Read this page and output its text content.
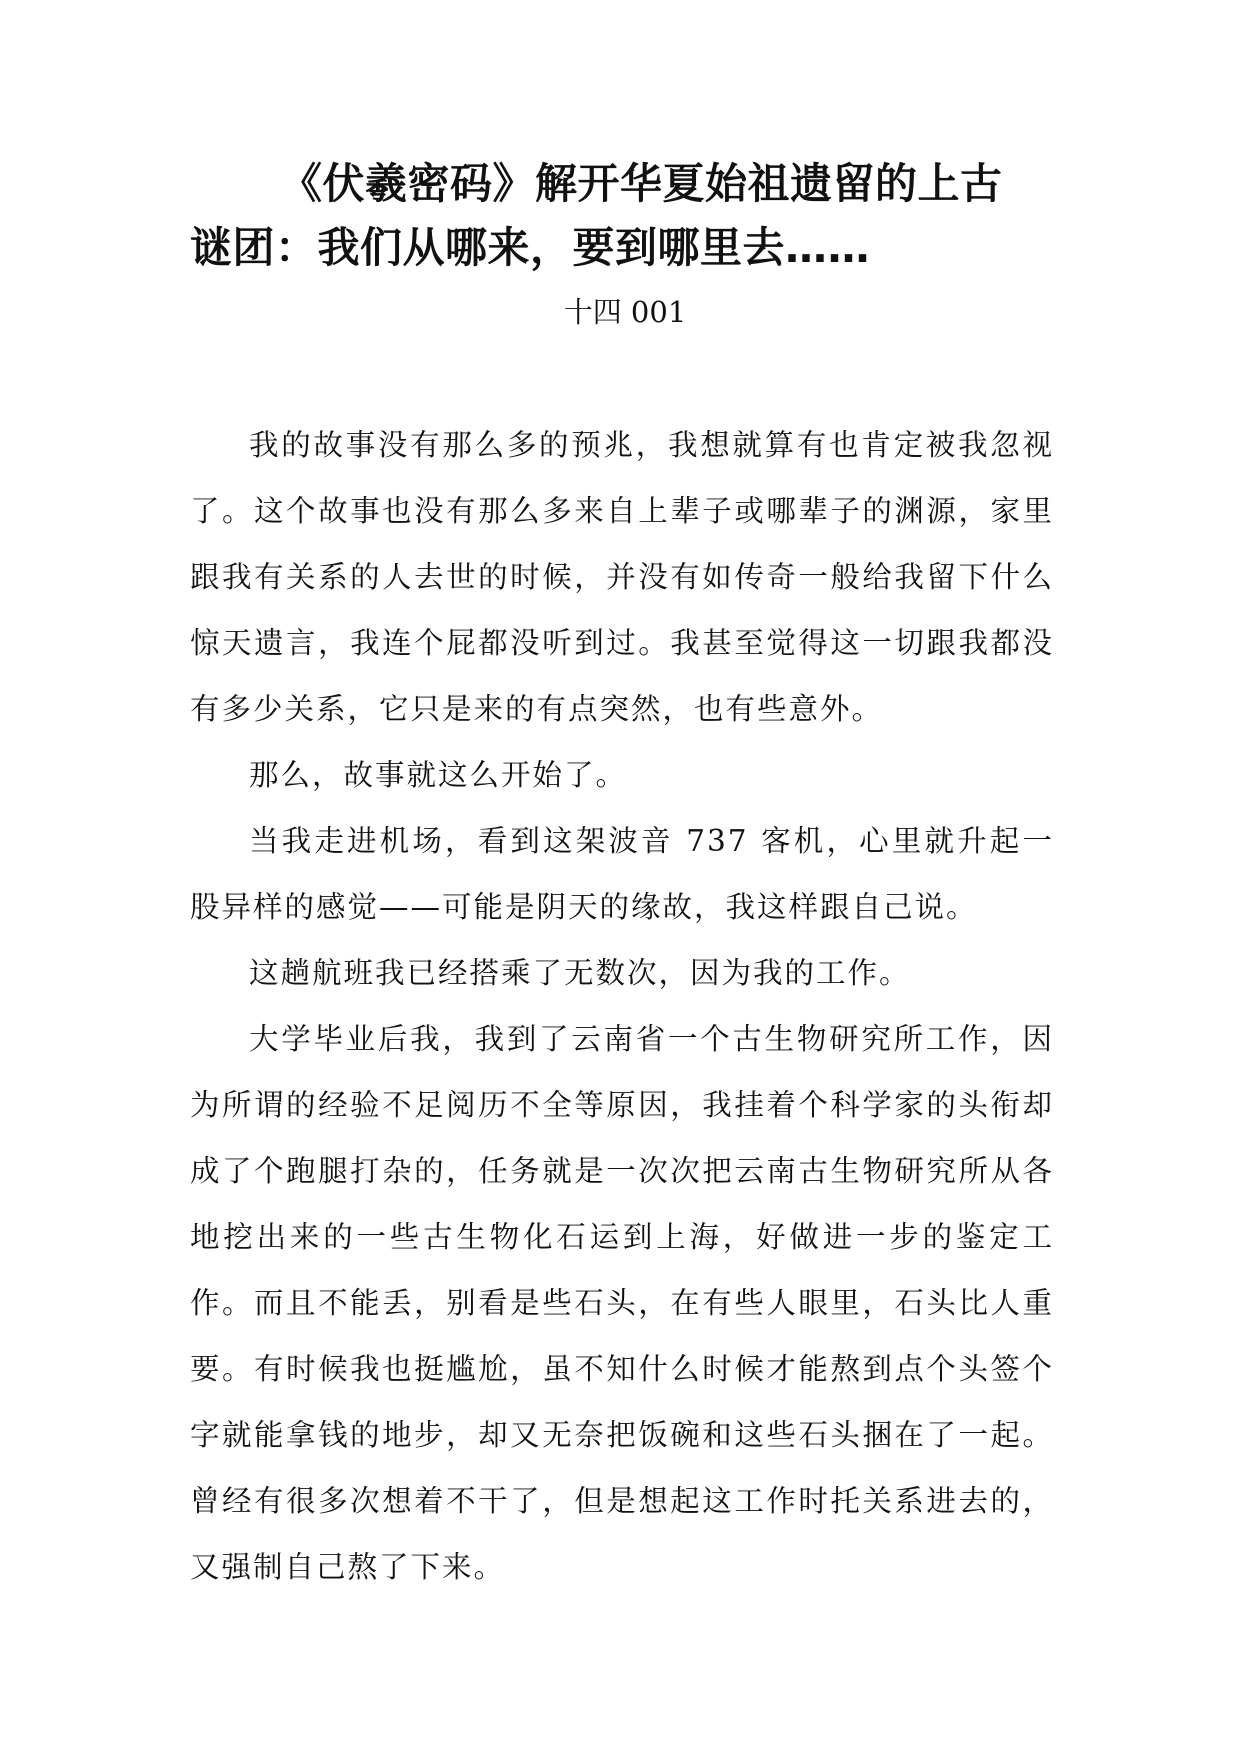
《伏羲密码》解开华夏始祖遗留的上古
谜团：我们从哪来，要到哪里去……
十四 001

我的故事没有那么多的预兆，我想就算有也肯定被我忽视了。这个故事也没有那么多来自上辈子或哪辈子的渊源，家里跟我有关系的人去世的时候，并没有如传奇一般给我留下什么惊天遗言，我连个屁都没听到过。我甚至觉得这一切跟我都没有多少关系，它只是来的有点突然，也有些意外。

那么，故事就这么开始了。

当我走进机场，看到这架波音 737 客机，心里就升起一股异样的感觉——可能是阴天的缘故，我这样跟自己说。

这趟航班我已经搭乘了无数次，因为我的工作。

大学毕业后我，我到了云南省一个古生物研究所工作，因为所谓的经验不足阅历不全等原因，我挂着个科学家的头衔却成了个跑腿打杂的，任务就是一次次把云南古生物研究所从各地挖出来的一些古生物化石运到上海，好做进一步的鉴定工作。而且不能丢，别看是些石头，在有些人眼里，石头比人重要。有时候我也挺尴尬，虽不知什么时候才能熬到点个头签个字就能拿钱的地步，却又无奈把饭碗和这些石头捆在了一起。曾经有很多次想着不干了，但是想起这工作时托关系进去的，又强制自己熬了下来。
